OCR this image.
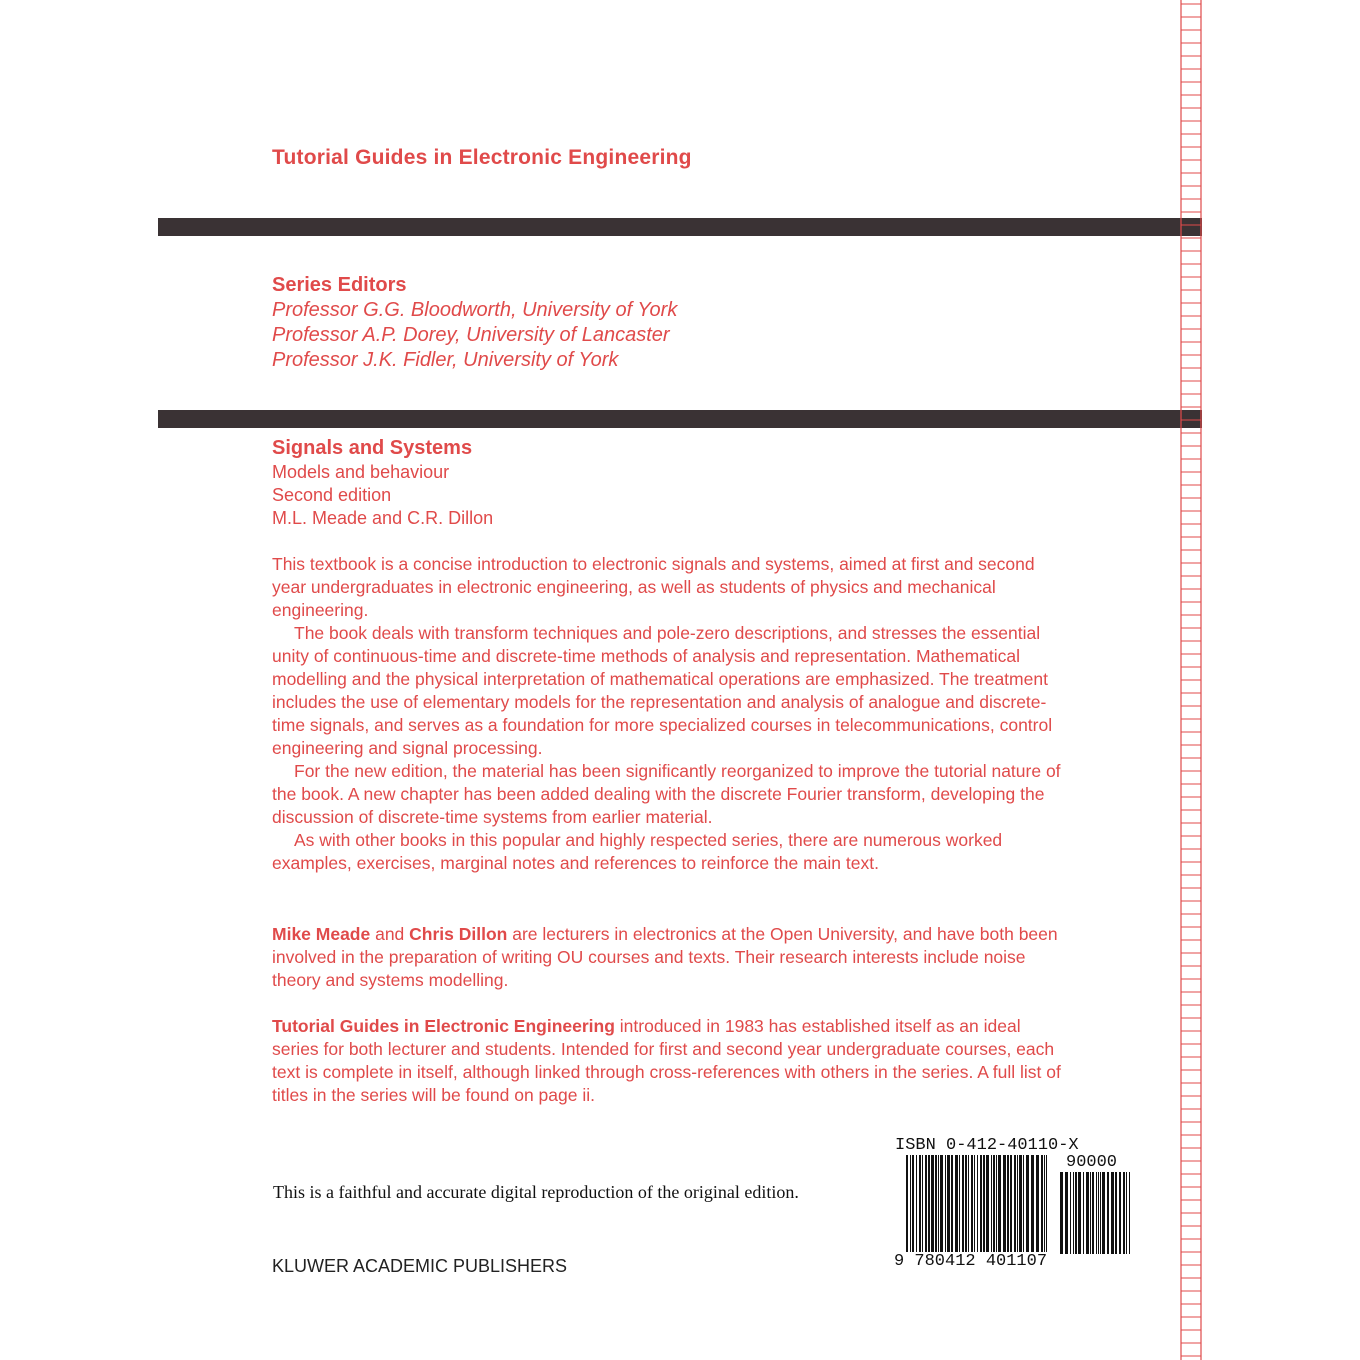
Tutorial Guides in Electronic Engineering
Series Editors
Professor G.G. Bloodworth, University of York
Professor A.P. Dorey, University of Lancaster
Professor J.K. Fidler, University of York
Signals and Systems
Models and behaviour
Second edition
M.L. Meade and C.R. Dillon

This textbook is a concise introduction to electronic signals and systems, aimed at first and second year undergraduates in electronic engineering, as well as students of physics and mechanical engineering.

The book deals with transform techniques and pole-zero descriptions, and stresses the essential unity of continuous-time and discrete-time methods of analysis and representation. Mathematical modelling and the physical interpretation of mathematical operations are emphasized. The treatment includes the use of elementary models for the representation and analysis of analogue and discrete-time signals, and serves as a foundation for more specialized courses in telecommunications, control engineering and signal processing.

For the new edition, the material has been significantly reorganized to improve the tutorial nature of the book. A new chapter has been added dealing with the discrete Fourier transform, developing the discussion of discrete-time systems from earlier material.

As with other books in this popular and highly respected series, there are numerous worked examples, exercises, marginal notes and references to reinforce the main text.

Mike Meade and Chris Dillon are lecturers in electronics at the Open University, and have both been involved in the preparation of writing OU courses and texts. Their research interests include noise theory and systems modelling.

Tutorial Guides in Electronic Engineering introduced in 1983 has established itself as an ideal series for both lecturer and students. Intended for first and second year undergraduate courses, each text is complete in itself, although linked through cross-references with others in the series. A full list of titles in the series will be found on page ii.

This is a faithful and accurate digital reproduction of the original edition.
KLUWER ACADEMIC PUBLISHERS
ISBN 0-412-40110-X
90000
9 780412 401107
